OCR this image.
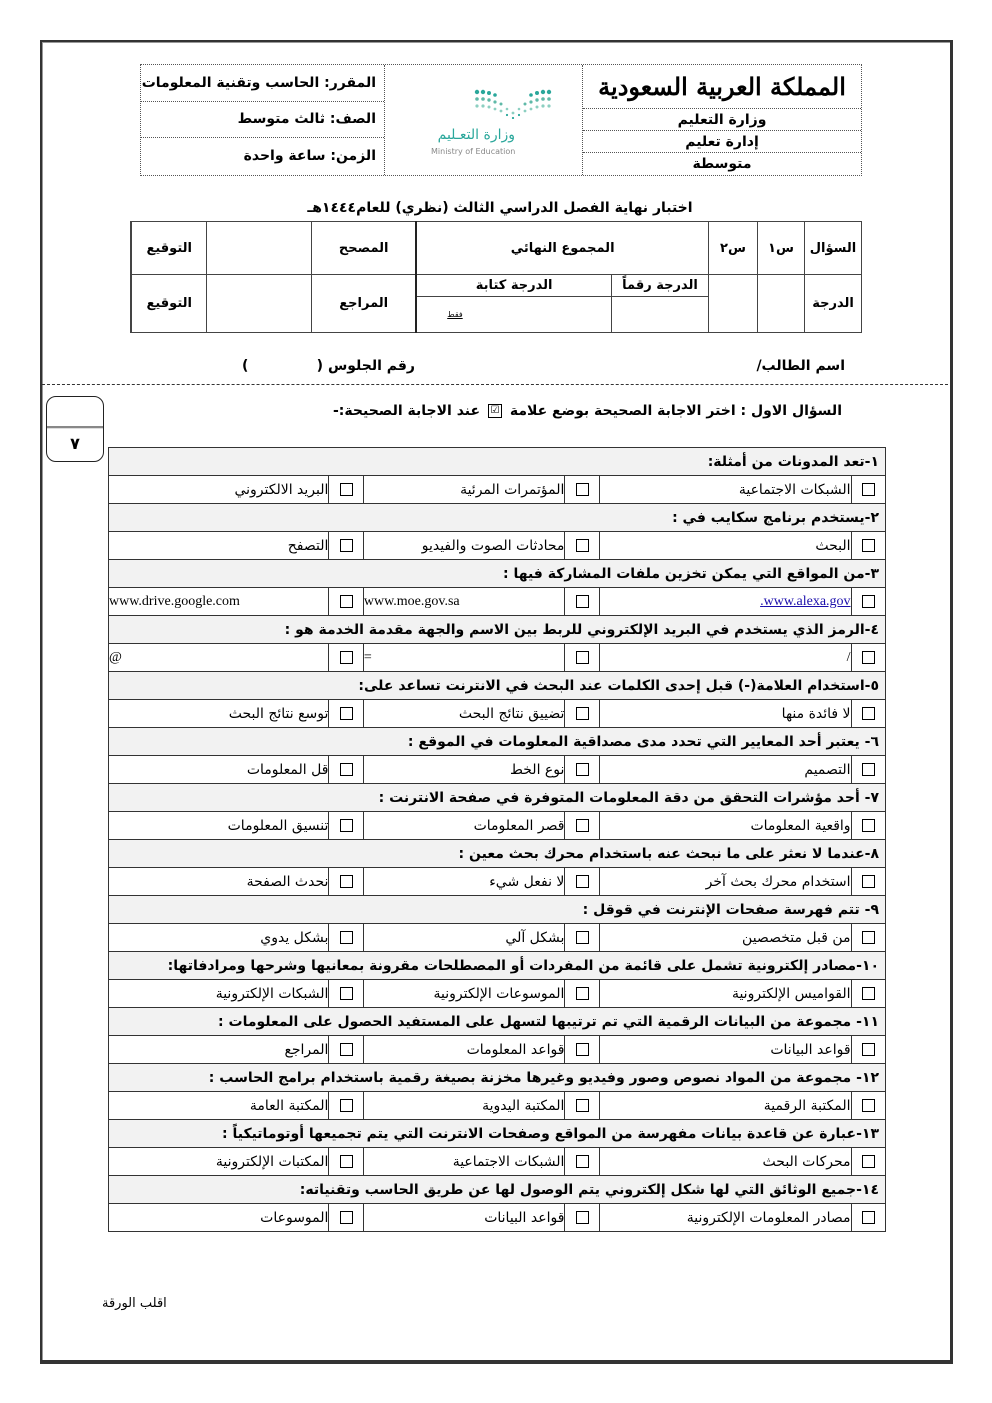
المملكة العربية السعودية
وزارة التعليم
إدارة تعليم
متوسطة
وزارة التعـليم
Ministry of Education
المقرر: الحاسب وتقنية المعلومات
الصف: ثالث متوسط
الزمن: ساعة واحدة
اختبار نهاية الفصل الدراسي الثالث (نظري) للعام١٤٤٤هـ
السؤال	س١	س٢	المجموع النهائي		المصحح		التوقيع	
الدرجة			الدرجة رقماً	الدرجة كتابة	المراجع		التوقيع	
				فقط				
اسم الطالب/
رقم الجلوس (              )
السؤال الاول : اختر الاجابة الصحيحة بوضع علامة ☑ عند الاجابة الصحيحة:-
٧
١-تعد المدونات من أمثلة:					
	الشبكات الاجتماعية		المؤتمرات المرئية		البريد الالكتروني
٢-يستخدم برنامج سكايب في :					
	البحث		محادثات الصوت والفيديو		التصفح
٣-من المواقع التي يمكن تخزين ملفات المشاركة فيها :					
	www.alexa.gov.		www.moe.gov.sa		www.drive.google.com
٤-الرمز الذي يستخدم في البريد الإلكتروني للربط بين الاسم والجهة مقدمة الخدمة هو :					
	/		=		@
٥-استخدام العلامة(-) قبل إحدى الكلمات عند البحث في الانترنت تساعد على:					
	لا فائدة منها		تضييق نتائج البحث		توسع نتائج البحث
٦- يعتبر أحد المعايير التي تحدد مدى مصداقية المعلومات في الموقع :					
	التصميم		نوع الخط		قل المعلومات
٧- أحد مؤشرات التحقق من دقة المعلومات المتوفرة في صفحة الانترنت :					
	واقعية المعلومات		قصر المعلومات		تنسيق المعلومات
٨-عندما لا نعثر على ما نبحث عنه باستخدام محرك بحث معين :					
	استخدام محرك بحث آخر		لا نفعل شيء		نحدث الصفحة
٩- تتم فهرسة صفحات الإنترنت في قوقل :					
	من قبل متخصصين		بشكل آلي		بشكل يدوي
١٠-مصادر إلكترونية تشمل على قائمة من المفردات أو المصطلحات مقرونة بمعانيها وشرحها ومرادفاتها:					
	القواميس الإلكترونية		الموسوعات الإلكترونية		الشبكات الإلكترونية
١١- مجموعة من البيانات الرقمية التي تم ترتيبها لتسهل على المستفيد الحصول على المعلومات :					
	قواعد البيانات		قواعد المعلومات		المراجع
١٢- مجموعة من المواد نصوص وصور وفيديو وغيرها مخزنة بصيغة رقمية باستخدام برامج الحاسب :					
	المكتبة الرقمية		المكتبة اليدوية		المكتبة العامة
١٣-عبارة عن قاعدة بيانات مفهرسة من المواقع وصفحات الانترنت التي يتم تجميعها أوتوماتيكياً :					
	محركات البحث		الشبكات الاجتماعية		المكتبات الإلكترونية
١٤-جميع الوثائق التي لها شكل إلكتروني يتم الوصول لها عن طريق الحاسب وتقنياته:					
	مصادر المعلومات الإلكترونية		قواعد البيانات		الموسوعات
اقلب الورقة
